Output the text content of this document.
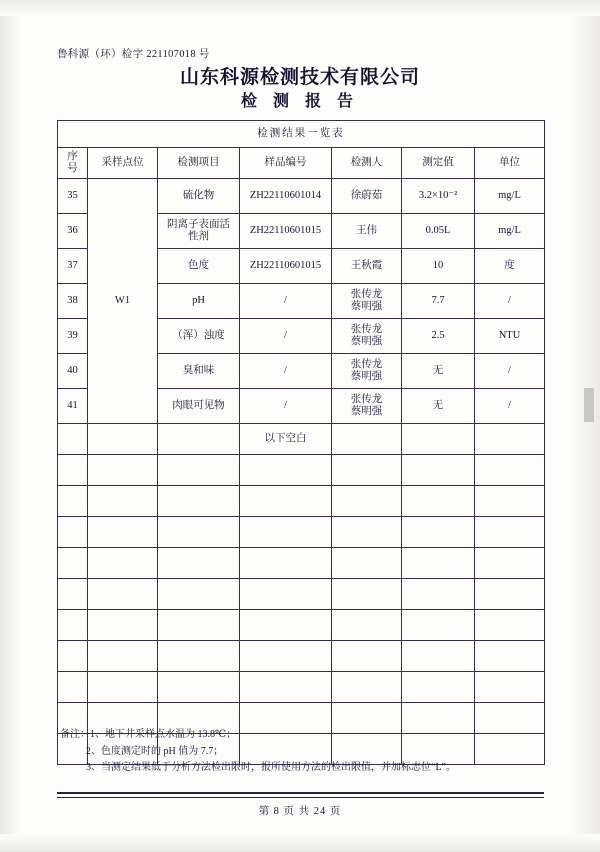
鲁科源（环）检字 221107018 号
山东科源检测技术有限公司
检 测 报 告
检测结果一览表						

序
号	采样点位	检测项目	样品编号	检测人	测定值	单位
35	W1	硫化物	ZH22110601014	徐蔚茹	3.2×10⁻²	mg/L
36		阴离子表面活
性剂	ZH22110601015	王伟	0.05L	mg/L
37		色度	ZH22110601015	王秋霞	10	度
38		pH	/	张传龙
蔡明强	7.7	/
39		（浑）浊度	/	张传龙
蔡明强	2.5	NTU
40		臭和味	/	张传龙
蔡明强	无	/
41		肉眼可见物	/	张传龙
蔡明强	无	/
			以下空白			

备注：1、地下井采样点水温为 13.8℃；
2、色度测定时的 pH 值为 7.7；
3、当测定结果低于分析方法检出限时，报所使用方法的检出限值，并加标志位“L”。
第 8 页 共 24 页
